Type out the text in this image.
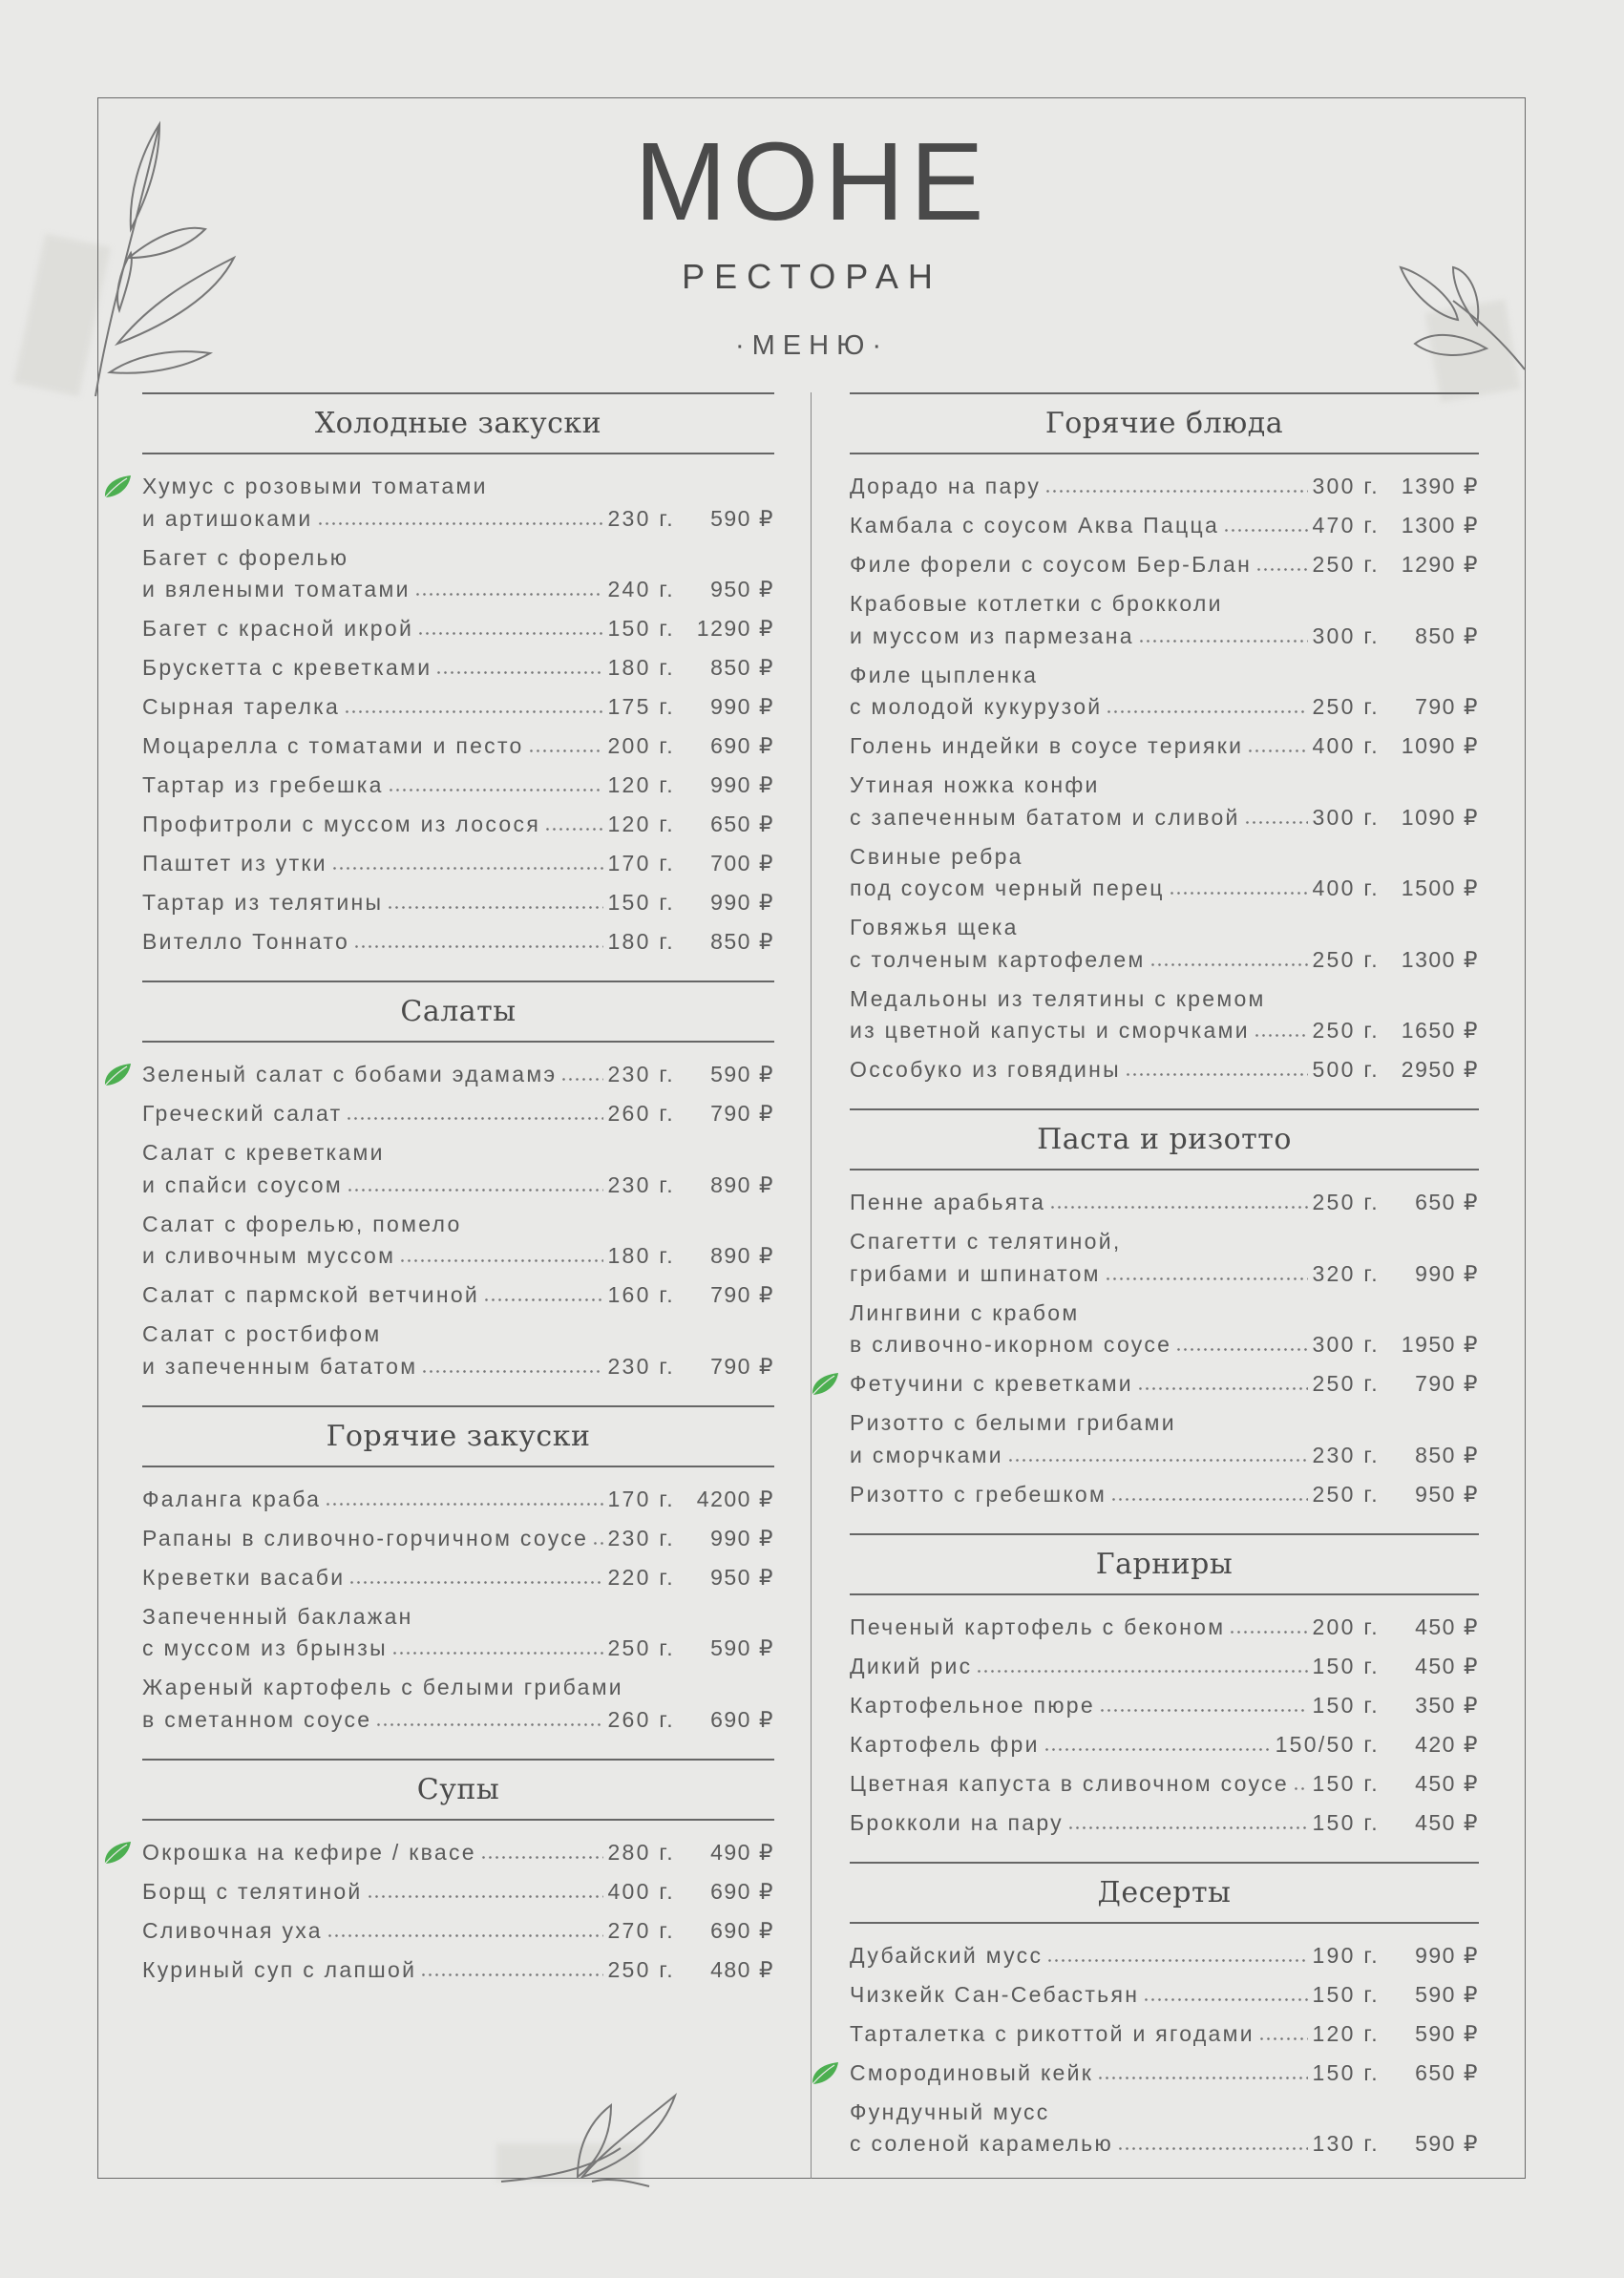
МОНЕ
РЕСТОРАН
·МЕНЮ·
Холодные закуски
Хумус с розовыми томатами
и артишоками	230 г.	590 ₽
Багет с форелью
и вялеными томатами	240 г.	950 ₽
Багет с красной икрой	150 г. 1290 ₽
Брускетта с креветками	180 г.	850 ₽
Сырная тарелка	175 г.	990 ₽
Моцарелла с томатами и песто	200 г.	690 ₽
Тартар из гребешка	120 г.	990 ₽
Профитроли с муссом из лосося	120 г.	650 ₽
Паштет из утки	170 г.	700 ₽
Тартар из телятины	150 г.	990 ₽
Вителло Тоннато	180 г.	850 ₽
Салаты
Зеленый салат с бобами эдамамэ 230 г.	590 ₽
Греческий салат	260 г.	790 ₽
Салат с креветками
и спайси соусом	230 г.	890 ₽
Салат с форелью, помело
и сливочным муссом	180 г.	890 ₽
Салат с пармской ветчиной	160 г.	790 ₽
Салат с ростбифом
и запеченным бататом	230 г.	790 ₽
Горячие закуски
Фаланга краба	170 г. 4200 ₽
Рапаны в сливочно-горчичном соусе 230 г.	990 ₽
Креветки васаби	220 г.	950 ₽
Запеченный баклажан
с муссом из брынзы	250 г.	590 ₽
Жареный картофель с белыми грибами
в сметанном соусе	260 г.	690 ₽
Супы
Окрошка на кефире / квасе	280 г.	490 ₽
Борщ с телятиной	400 г.	690 ₽
Сливочная уха	270 г.	690 ₽
Куриный суп с лапшой	250 г.	480 ₽
Горячие блюда
Дорадо на пару	300 г. 1390 ₽
Камбала с соусом Аква Пацца	470 г. 1300 ₽
Филе форели с соусом Бер-Блан	250 г. 1290 ₽
Крабовые котлетки с брокколи
и муссом из пармезана	300 г.	850 ₽
Филе цыпленка
с молодой кукурузой	250 г.	790 ₽
Голень индейки в соусе терияки	400 г. 1090 ₽
Утиная ножка конфи
с запеченным бататом и сливой	300 г. 1090 ₽
Свиные ребра
под соусом черный перец	400 г. 1500 ₽
Говяжья щека
с толченым картофелем	250 г. 1300 ₽
Медальоны из телятины с кремом
из цветной капусты и сморчками	250 г. 1650 ₽
Оссобуко из говядины	500 г. 2950 ₽
Паста и ризотто
Пенне арабьята	250 г.	650 ₽
Спагетти с телятиной,
грибами и шпинатом	320 г.	990 ₽
Лингвини с крабом
в сливочно-икорном соусе	300 г. 1950 ₽
Фетучини с креветками	250 г.	790 ₽
Ризотто с белыми грибами
и сморчками	230 г.	850 ₽
Ризотто с гребешком	250 г.	950 ₽
Гарниры
Печеный картофель с беконом	200 г.	450 ₽
Дикий рис	150 г.	450 ₽
Картофельное пюре	150 г.	350 ₽
Картофель фри	150/50 г.	420 ₽
Цветная капуста в сливочном соусе 150 г.	450 ₽
Брокколи на пару	150 г.	450 ₽
Десерты
Дубайский мусс	190 г.	990 ₽
Чизкейк Сан-Себастьян	150 г.	590 ₽
Тарталетка с рикоттой и ягодами	120 г.	590 ₽
Смородиновый кейк	150 г.	650 ₽
Фундучный мусс
с соленой карамелью	130 г.	590 ₽
